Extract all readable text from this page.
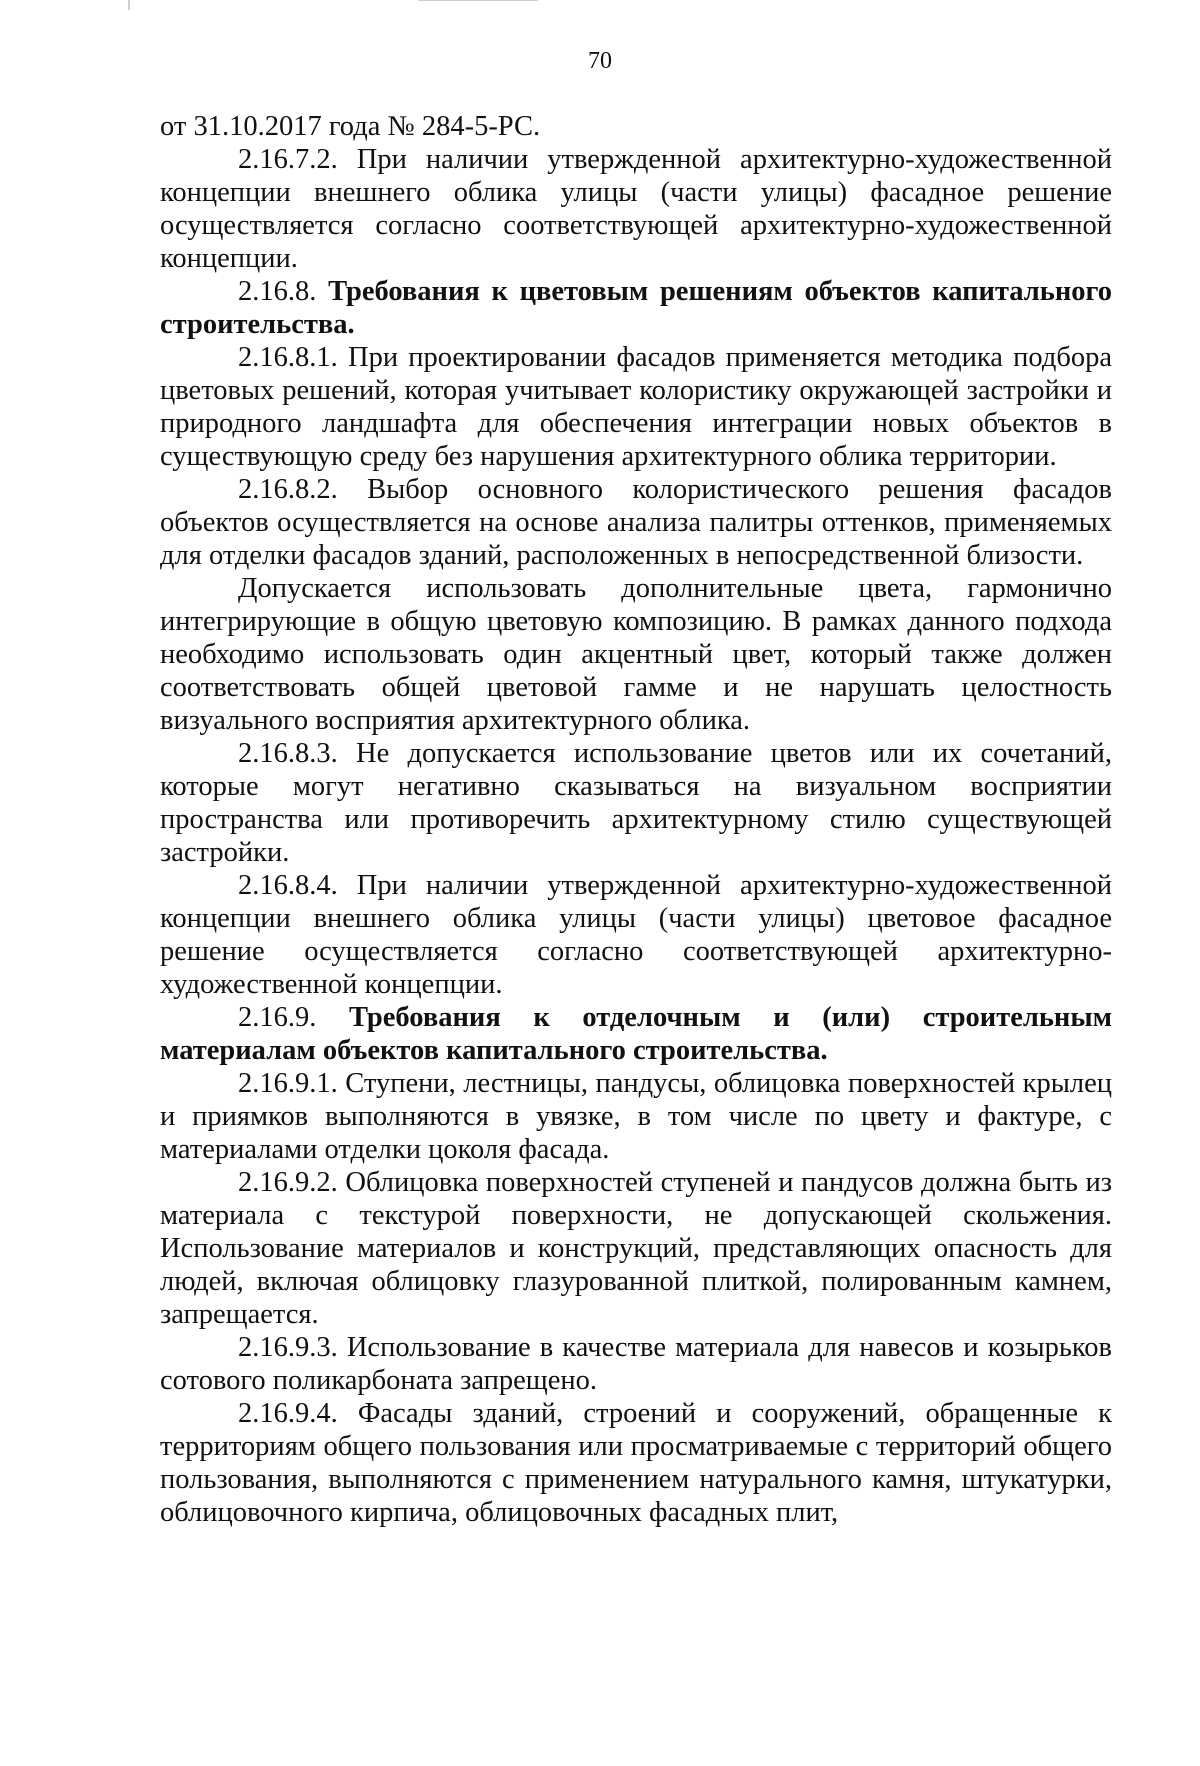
70

от 31.10.2017 года № 284-5-РС.

2.16.7.2. При наличии утвержденной архитектурно-художественной концепции внешнего облика улицы (части улицы) фасадное решение осуществляется согласно соответствующей архитектурно-художественной концепции.

2.16.8. Требования к цветовым решениям объектов капитального строительства.

2.16.8.1. При проектировании фасадов применяется методика подбора цветовых решений, которая учитывает колористику окружающей застройки и природного ландшафта для обеспечения интеграции новых объектов в существующую среду без нарушения архитектурного облика территории.

2.16.8.2. Выбор основного колористического решения фасадов объектов осуществляется на основе анализа палитры оттенков, применяемых для отделки фасадов зданий, расположенных в непосредственной близости.

Допускается использовать дополнительные цвета, гармонично интегрирующие в общую цветовую композицию. В рамках данного подхода необходимо использовать один акцентный цвет, который также должен соответствовать общей цветовой гамме и не нарушать целостность визуального восприятия архитектурного облика.

2.16.8.3. Не допускается использование цветов или их сочетаний, которые могут негативно сказываться на визуальном восприятии пространства или противоречить архитектурному стилю существующей застройки.

2.16.8.4. При наличии утвержденной архитектурно-художественной концепции внешнего облика улицы (части улицы) цветовое фасадное решение осуществляется согласно соответствующей архитектурно-художественной концепции.

2.16.9. Требования к отделочным и (или) строительным материалам объектов капитального строительства.

2.16.9.1. Ступени, лестницы, пандусы, облицовка поверхностей крылец и приямков выполняются в увязке, в том числе по цвету и фактуре, с материалами отделки цоколя фасада.

2.16.9.2. Облицовка поверхностей ступеней и пандусов должна быть из материала с текстурой поверхности, не допускающей скольжения. Использование материалов и конструкций, представляющих опасность для людей, включая облицовку глазурованной плиткой, полированным камнем, запрещается.

2.16.9.3. Использование в качестве материала для навесов и козырьков сотового поликарбоната запрещено.

2.16.9.4. Фасады зданий, строений и сооружений, обращенные к территориям общего пользования или просматриваемые с территорий общего пользования, выполняются с применением натурального камня, штукатурки, облицовочного кирпича, облицовочных фасадных плит,
